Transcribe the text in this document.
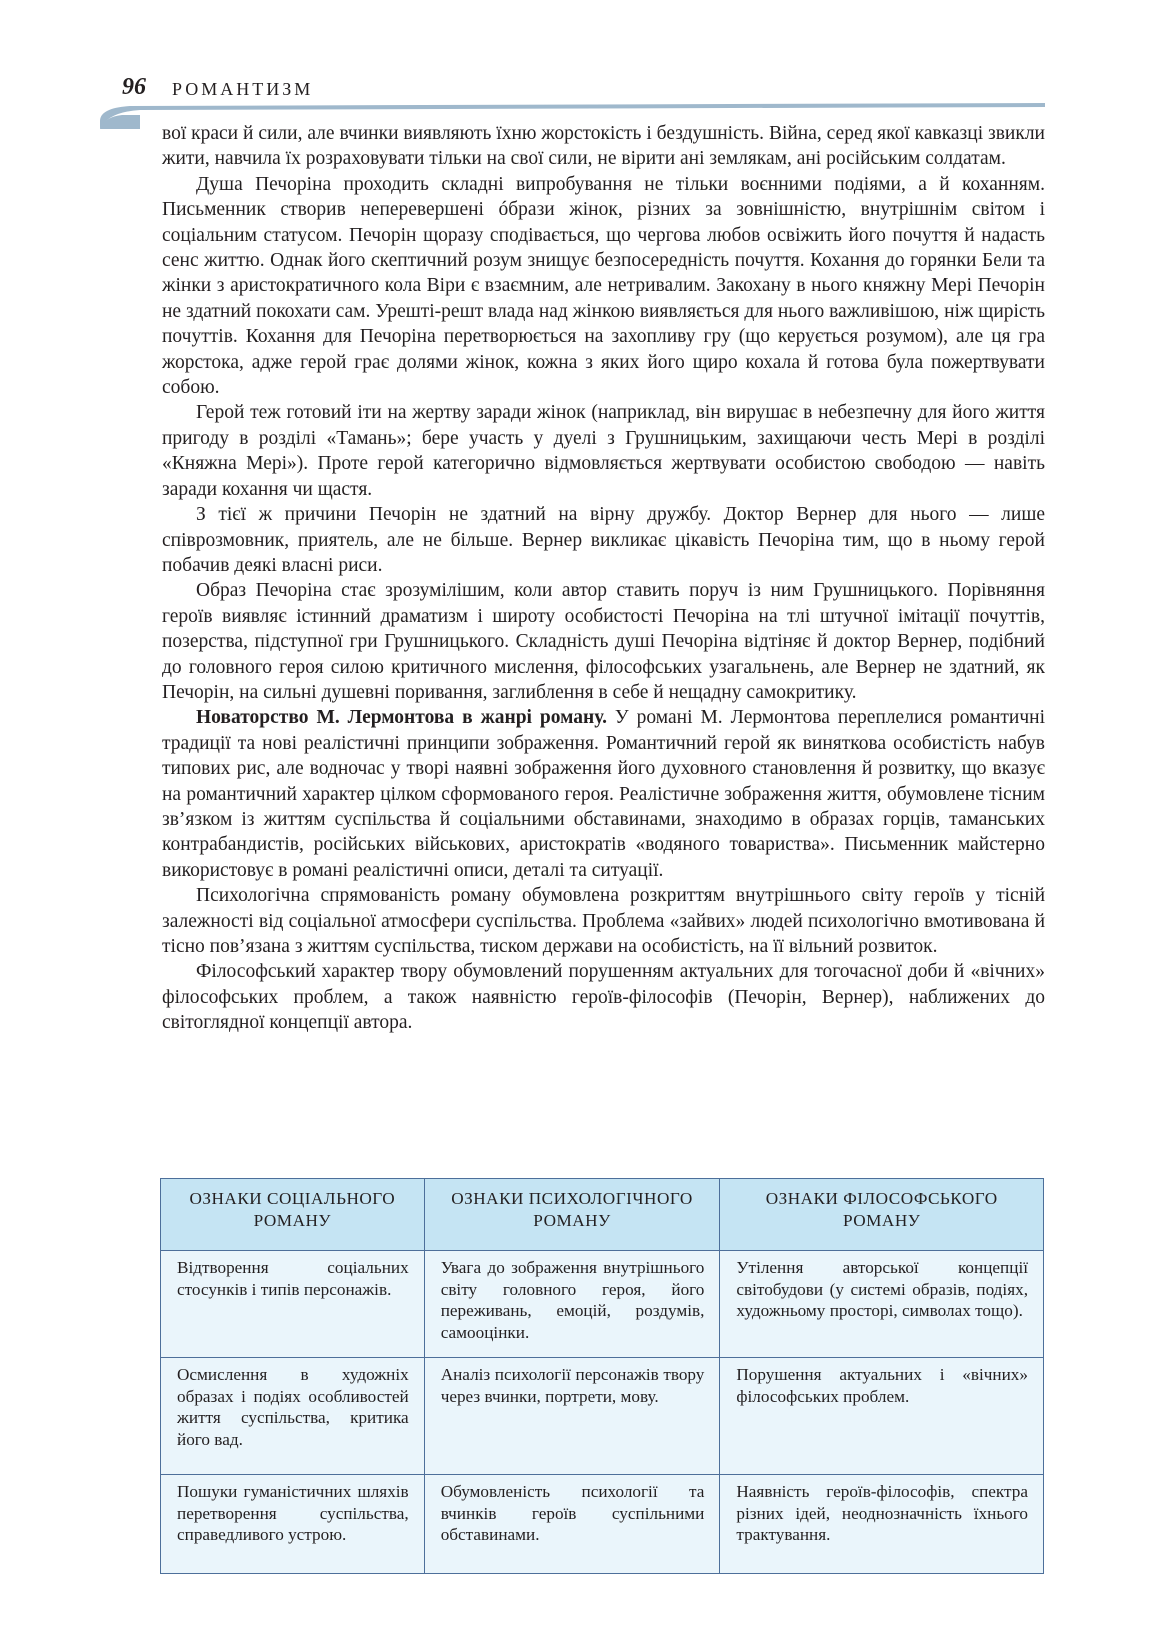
96 РОМАНТИЗМ

вої краси й сили, але вчинки виявляють їхню жорстокість і бездушність. Війна, серед якої кавказці звикли жити, навчила їх розраховувати тільки на свої сили, не вірити ані землякам, ані російським солдатам.

Душа Печоріна проходить складні випробування не тільки воєнними подіями, а й коханням. Письменник створив неперевершені óбрази жінок, різних за зовнішністю, внутрішнім світом і соціальним статусом. Печорін щоразу сподівається, що чергова любов освіжить його почуття й надасть сенс життю. Однак його скептичний розум знищує безпосередність почуття. Кохання до горянки Бели та жінки з аристократичного кола Віри є взаємним, але нетривалим. Закохану в нього княжну Мері Печорін не здатний покохати сам. Урешті-решт влада над жінкою виявляється для нього важливішою, ніж щирість почуттів. Кохання для Печоріна перетворюється на захопливу гру (що керується розумом), але ця гра жорстока, адже герой грає долями жінок, кожна з яких його щиро кохала й готова була пожертвувати собою.

Герой теж готовий іти на жертву заради жінок (наприклад, він вирушає в небезпечну для його життя пригоду в розділі «Тамань»; бере участь у дуелі з Грушницьким, захищаючи честь Мері в розділі «Княжна Мері»). Проте герой категорично відмовляється жертвувати особистою свободою — навіть заради кохання чи щастя.

З тієї ж причини Печорін не здатний на вірну дружбу. Доктор Вернер для нього — лише співрозмовник, приятель, але не більше. Вернер викликає цікавість Печоріна тим, що в ньому герой побачив деякі власні риси.

Образ Печоріна стає зрозумілішим, коли автор ставить поруч із ним Грушницького. Порівняння героїв виявляє істинний драматизм і широту особистості Печоріна на тлі штучної імітації почуттів, позерства, підступної гри Грушницького. Складність душі Печоріна відтіняє й доктор Вернер, подібний до головного героя силою критичного мислення, філософських узагальнень, але Вернер не здатний, як Печорін, на сильні душевні поривання, заглиблення в себе й нещадну самокритику.

Новаторство М. Лермонтова в жанрі роману. У романі М. Лермонтова переплелися романтичні традиції та нові реалістичні принципи зображення. Романтичний герой як виняткова особистість набув типових рис, але водночас у творі наявні зображення його духовного становлення й розвитку, що вказує на романтичний характер цілком сформованого героя. Реалістичне зображення життя, обумовлене тісним зв’язком із життям суспільства й соціальними обставинами, знаходимо в образах горців, таманських контрабандистів, російських військових, аристократів «водяного товариства». Письменник майстерно використовує в романі реалістичні описи, деталі та ситуації.

Психологічна спрямованість роману обумовлена розкриттям внутрішнього світу героїв у тісній залежності від соціальної атмосфери суспільства. Проблема «зайвих» людей психологічно вмотивована й тісно пов’язана з життям суспільства, тиском держави на особистість, на її вільний розвиток.

Філософський характер твору обумовлений порушенням актуальних для тогочасної доби й «вічних» філософських проблем, а також наявністю героїв-філософів (Печорін, Вернер), наближених до світоглядної концепції автора.

ОЗНАКИ СОЦІАЛЬНОГО РОМАНУ	ОЗНАКИ ПСИХОЛОГІЧНОГО РОМАНУ	ОЗНАКИ ФІЛОСОФСЬКОГО РОМАНУ
Відтворення соціальних стосунків і типів персонажів.	Увага до зображення внутрішнього світу головного героя, його переживань, емоцій, роздумів, самооцінки.	Утілення авторської концепції світобудови (у системі образів, подіях, художньому просторі, символах тощо).
Осмислення в художніх образах і подіях особливостей життя суспільства, критика його вад.	Аналіз психології персонажів твору через вчинки, портрети, мову.	Порушення актуальних і «вічних» філософських проблем.
Пошуки гуманістичних шляхів перетворення суспільства, справедливого устрою.	Обумовленість психології та вчинків героїв суспільними обставинами.	Наявність героїв-філософів, спектра різних ідей, неоднозначність їхнього трактування.
